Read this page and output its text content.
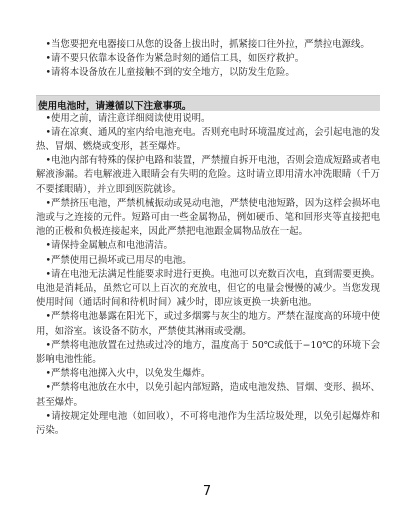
•当您要把充电器接口从您的设备上拔出时，抓紧接口往外拉，严禁拉电源线。

•请不要只依靠本设备作为紧急时刻的通信工具，如医疗救护。

•请将本设备放在儿童接触不到的安全地方，以防发生危险。

使用电池时，请遵循以下注意事项。

•使用之前，请注意详细阅读使用说明。

•请在凉爽、通风的室内给电池充电。否则充电时环境温度过高，会引起电池的发热、冒烟、燃烧或变形，甚至爆炸。

•电池内部有特殊的保护电路和装置，严禁擅自拆开电池，否则会造成短路或者电解液渗漏。若电解液进入眼睛会有失明的危险。这时请立即用清水冲洗眼睛（千万不要揉眼睛），并立即到医院就诊。

•严禁挤压电池，严禁机械振动或晃动电池，严禁使电池短路，因为这样会损坏电池或与之连接的元件。短路可由一些金属物品，例如硬币、笔和回形夹等直接把电池的正极和负极连接起来，因此严禁把电池跟金属物品放在一起。

•请保持金属触点和电池清洁。

•严禁使用已损坏或已用尽的电池。

•请在电池无法满足性能要求时进行更换。电池可以充数百次电，直到需要更换。电池是消耗品，虽然它可以上百次的充放电，但它的电量会慢慢的减少。当您发现使用时间（通话时间和待机时间）减少时，即应该更换一块新电池。

•严禁将电池暴露在阳光下，或过多烟雾与灰尘的地方。严禁在湿度高的环境中使用，如浴室。该设备不防水，严禁使其淋雨或受潮。

•严禁将电池放置在过热或过冷的地方，温度高于 50℃或低于−10℃的环境下会影响电池性能。

•严禁将电池掷入火中，以免发生爆炸。

•严禁将电池放在水中，以免引起内部短路，造成电池发热、冒烟、变形、损坏、甚至爆炸。

•请按规定处理电池（如回收），不可将电池作为生活垃圾处理，以免引起爆炸和污染。

7
